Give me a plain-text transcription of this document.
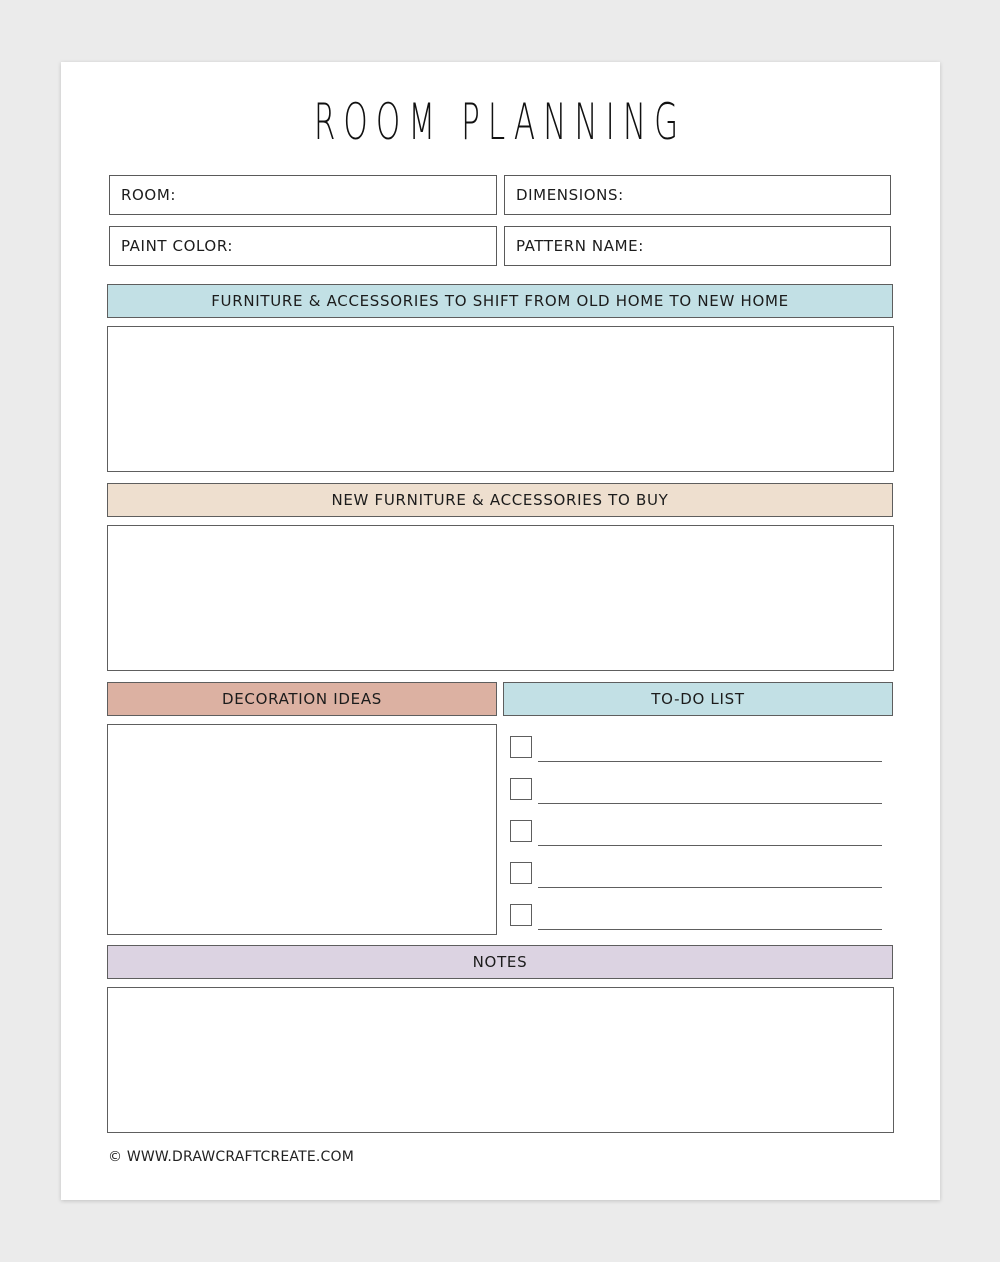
ROOM PLANNING
ROOM:	DIMENSIONS:
PAINT COLOR:	PATTERN NAME:
FURNITURE & ACCESSORIES TO SHIFT FROM OLD HOME TO NEW HOME
NEW FURNITURE & ACCESSORIES TO BUY
DECORATION IDEAS	TO-DO LIST
NOTES
© WWW.DRAWCRAFTCREATE.COM
